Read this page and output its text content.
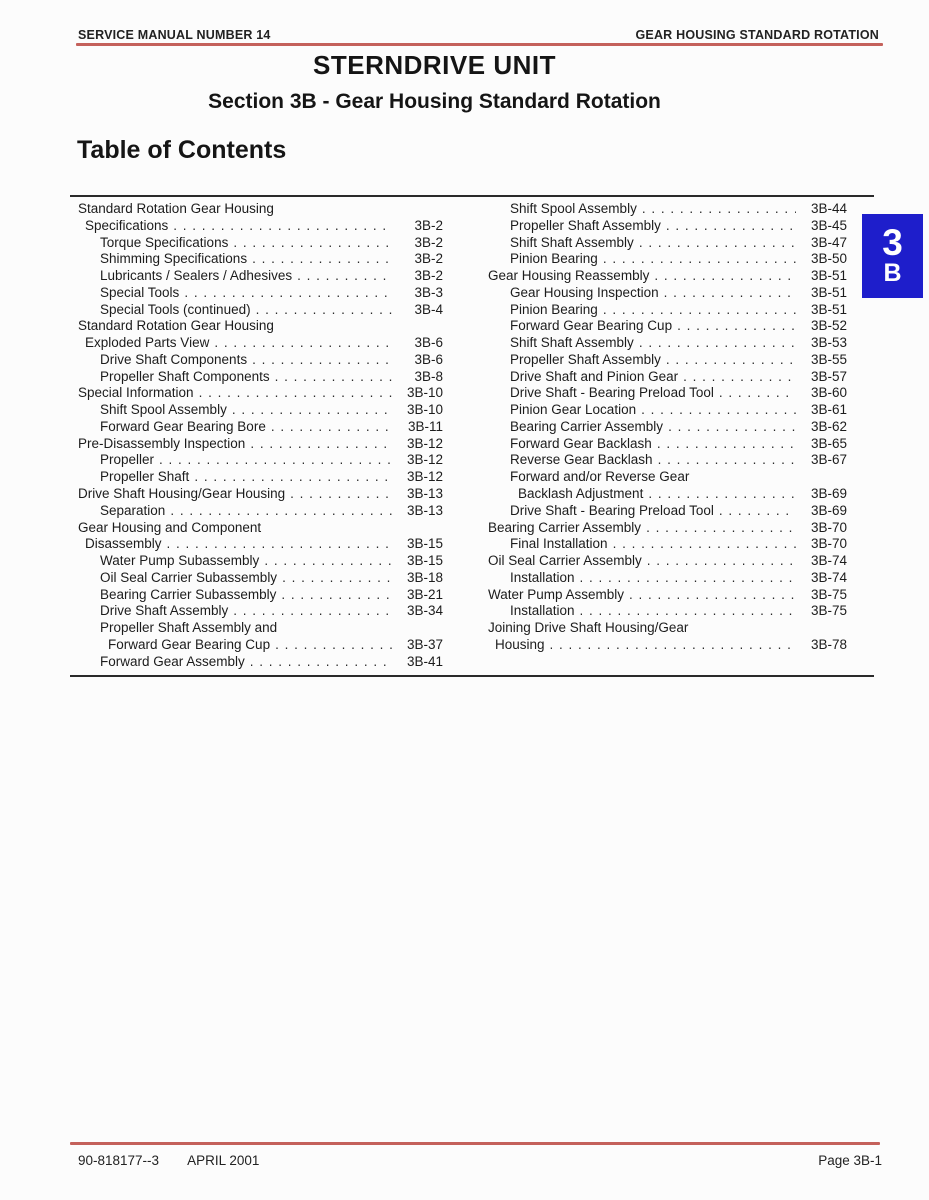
SERVICE MANUAL NUMBER 14	GEAR HOUSING STANDARD ROTATION
STERNDRIVE UNIT
Section 3B - Gear Housing Standard Rotation
Table of Contents
Standard Rotation Gear Housing
Specifications . . .	3B-2
Torque Specifications . . .	3B-2
Shimming Specifications . . .	3B-2
Lubricants / Sealers / Adhesives . . .	3B-2
Special Tools . . .	3B-3
Special Tools (continued) . . .	3B-4
Standard Rotation Gear Housing
Exploded Parts View . . .	3B-6
Drive Shaft Components . . .	3B-6
Propeller Shaft Components . . .	3B-8
Special Information . . .	3B-10
Shift Spool Assembly . . .	3B-10
Forward Gear Bearing Bore . . .	3B-11
Pre-Disassembly Inspection . . .	3B-12
Propeller . . .	3B-12
Propeller Shaft . . .	3B-12
Drive Shaft Housing/Gear Housing . . .	3B-13
Separation . . .	3B-13
Gear Housing and Component
Disassembly . . .	3B-15
Water Pump Subassembly . . .	3B-15
Oil Seal Carrier Subassembly . . .	3B-18
Bearing Carrier Subassembly . . .	3B-21
Drive Shaft Assembly . . .	3B-34
Propeller Shaft Assembly and
Forward Gear Bearing Cup . . .	3B-37
Forward Gear Assembly . . .	3B-41
Shift Spool Assembly . . .	3B-44
Propeller Shaft Assembly . . .	3B-45
Shift Shaft Assembly . . .	3B-47
Pinion Bearing . . .	3B-50
Gear Housing Reassembly . . .	3B-51
Gear Housing Inspection . . .	3B-51
Pinion Bearing . . .	3B-51
Forward Gear Bearing Cup . . .	3B-52
Shift Shaft Assembly . . .	3B-53
Propeller Shaft Assembly . . .	3B-55
Drive Shaft and Pinion Gear . . .	3B-57
Drive Shaft - Bearing Preload Tool . . .	3B-60
Pinion Gear Location . . .	3B-61
Bearing Carrier Assembly . . .	3B-62
Forward Gear Backlash . . .	3B-65
Reverse Gear Backlash . . .	3B-67
Forward and/or Reverse Gear
Backlash Adjustment . . .	3B-69
Drive Shaft - Bearing Preload Tool . . .	3B-69
Bearing Carrier Assembly . . .	3B-70
Final Installation . . .	3B-70
Oil Seal Carrier Assembly . . .	3B-74
Installation . . .	3B-74
Water Pump Assembly . . .	3B-75
Installation . . .	3B-75
Joining Drive Shaft Housing/Gear
Housing . . .	3B-78
3
B
90-818177--3 APRIL 2001	Page 3B-1
